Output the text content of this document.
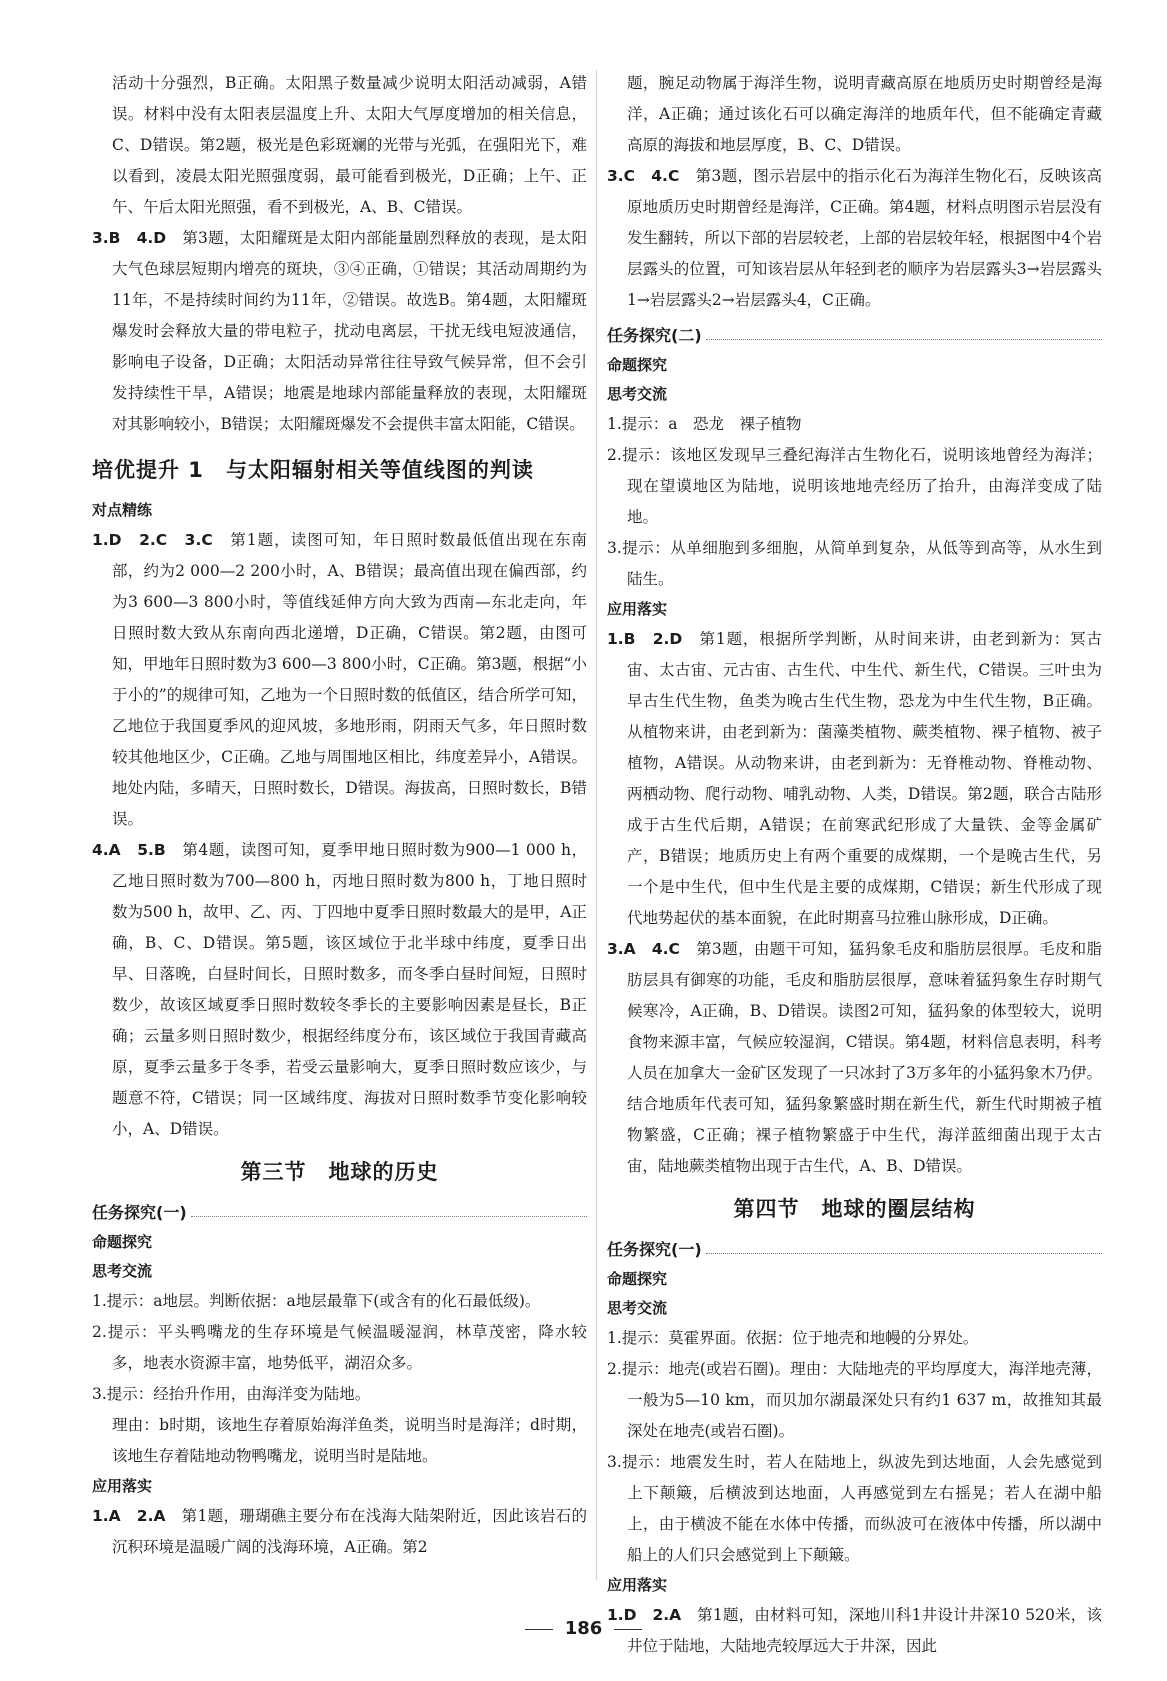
活动十分强烈，B正确。太阳黑子数量减少说明太阳活动减弱，A错误。材料中没有太阳表层温度上升、太阳大气厚度增加的相关信息，C、D错误。第2题，极光是色彩斑斓的光带与光弧，在强阳光下，难以看到，凌晨太阳光照强度弱，最可能看到极光，D正确；上午、正午、午后太阳光照强，看不到极光，A、B、C错误。

3.B　4.D　 第3题，太阳耀斑是太阳内部能量剧烈释放的表现，是太阳大气色球层短期内增亮的斑块，③④正确，①错误；其活动周期约为11年，不是持续时间约为11年，②错误。故选B。第4题，太阳耀斑爆发时会释放大量的带电粒子，扰动电离层，干扰无线电短波通信，影响电子设备，D正确；太阳活动异常往往导致气候异常，但不会引发持续性干旱，A错误；地震是地球内部能量释放的表现，太阳耀斑对其影响较小，B错误；太阳耀斑爆发不会提供丰富太阳能，C错误。

培优提升 1 与太阳辐射相关等值线图的判读
对点精练

1.D　2.C　3.C　 第1题，读图可知，年日照时数最低值出现在东南部，约为2 000—2 200小时，A、B错误；最高值出现在偏西部，约为3 600—3 800小时，等值线延伸方向大致为西南—东北走向，年日照时数大致从东南向西北递增，D正确，C错误。第2题，由图可知，甲地年日照时数为3 600—3 800小时，C正确。第3题，根据“小于小的”的规律可知，乙地为一个日照时数的低值区，结合所学可知，乙地位于我国夏季风的迎风坡，多地形雨，阴雨天气多，年日照时数较其他地区少，C正确。乙地与周围地区相比，纬度差异小，A错误。地处内陆，多晴天，日照时数长，D错误。海拔高，日照时数长，B错误。

4.A　5.B　 第4题，读图可知，夏季甲地日照时数为900—1 000 h，乙地日照时数为700—800 h，丙地日照时数为800 h，丁地日照时数为500 h，故甲、乙、丙、丁四地中夏季日照时数最大的是甲，A正确，B、C、D错误。第5题，该区域位于北半球中纬度，夏季日出早、日落晚，白昼时间长，日照时数多，而冬季白昼时间短，日照时数少，故该区域夏季日照时数较冬季长的主要影响因素是昼长，B正确；云量多则日照时数少，根据经纬度分布，该区域位于我国青藏高原，夏季云量多于冬季，若受云量影响大，夏季日照时数应该少，与题意不符，C错误；同一区域纬度、海拔对日照时数季节变化影响较小，A、D错误。

第三节　地球的历史
任务探究(一)
命题探究
思考交流

1.提示：a地层。判断依据：a地层最靠下(或含有的化石最低级)。

2.提示：平头鸭嘴龙的生存环境是气候温暖湿润，林草茂密，降水较多，地表水资源丰富，地势低平，湖沼众多。

3.提示：经抬升作用，由海洋变为陆地。

理由：b时期，该地生存着原始海洋鱼类，说明当时是海洋；d时期，该地生存着陆地动物鸭嘴龙，说明当时是陆地。

应用落实

1.A　2.A　 第1题，珊瑚礁主要分布在浅海大陆架附近，因此该岩石的沉积环境是温暖广阔的浅海环境，A正确。第2

题，腕足动物属于海洋生物，说明青藏高原在地质历史时期曾经是海洋，A正确；通过该化石可以确定海洋的地质年代，但不能确定青藏高原的海拔和地层厚度，B、C、D错误。

3.C　4.C　 第3题，图示岩层中的指示化石为海洋生物化石，反映该高原地质历史时期曾经是海洋，C正确。第4题，材料点明图示岩层没有发生翻转，所以下部的岩层较老，上部的岩层较年轻，根据图中4个岩层露头的位置，可知该岩层从年轻到老的顺序为岩层露头3→岩层露头1→岩层露头2→岩层露头4，C正确。

任务探究(二)
命题探究
思考交流

1.提示：a　恐龙　裸子植物

2.提示：该地区发现早三叠纪海洋古生物化石，说明该地曾经为海洋；现在望谟地区为陆地，说明该地地壳经历了抬升，由海洋变成了陆地。

3.提示：从单细胞到多细胞，从简单到复杂，从低等到高等，从水生到陆生。

应用落实

1.B　2.D　 第1题，根据所学判断，从时间来讲，由老到新为：冥古宙、太古宙、元古宙、古生代、中生代、新生代，C错误。三叶虫为早古生代生物，鱼类为晚古生代生物，恐龙为中生代生物，B正确。从植物来讲，由老到新为：菌藻类植物、蕨类植物、裸子植物、被子植物，A错误。从动物来讲，由老到新为：无脊椎动物、脊椎动物、两栖动物、爬行动物、哺乳动物、人类，D错误。第2题，联合古陆形成于古生代后期，A错误；在前寒武纪形成了大量铁、金等金属矿产，B错误；地质历史上有两个重要的成煤期，一个是晚古生代，另一个是中生代，但中生代是主要的成煤期，C错误；新生代形成了现代地势起伏的基本面貌，在此时期喜马拉雅山脉形成，D正确。

3.A　4.C　 第3题，由题干可知，猛犸象毛皮和脂肪层很厚。毛皮和脂肪层具有御寒的功能，毛皮和脂肪层很厚，意味着猛犸象生存时期气候寒冷，A正确，B、D错误。读图2可知，猛犸象的体型较大，说明食物来源丰富，气候应较湿润，C错误。第4题，材料信息表明，科考人员在加拿大一金矿区发现了一只冰封了3万多年的小猛犸象木乃伊。结合地质年代表可知，猛犸象繁盛时期在新生代，新生代时期被子植物繁盛，C正确；裸子植物繁盛于中生代，海洋蓝细菌出现于太古宙，陆地蕨类植物出现于古生代，A、B、D错误。

第四节　地球的圈层结构
任务探究(一)
命题探究
思考交流

1.提示：莫霍界面。依据：位于地壳和地幔的分界处。

2.提示：地壳(或岩石圈)。理由：大陆地壳的平均厚度大，海洋地壳薄，一般为5—10 km，而贝加尔湖最深处只有约1 637 m，故推知其最深处在地壳(或岩石圈)。

3.提示：地震发生时，若人在陆地上，纵波先到达地面，人会先感觉到上下颠簸，后横波到达地面，人再感觉到左右摇晃；若人在湖中船上，由于横波不能在水体中传播，而纵波可在液体中传播，所以湖中船上的人们只会感觉到上下颠簸。

应用落实

1.D　2.A　 第1题，由材料可知，深地川科1井设计井深10 520米，该井位于陆地，大陆地壳较厚远大于井深，因此

186
